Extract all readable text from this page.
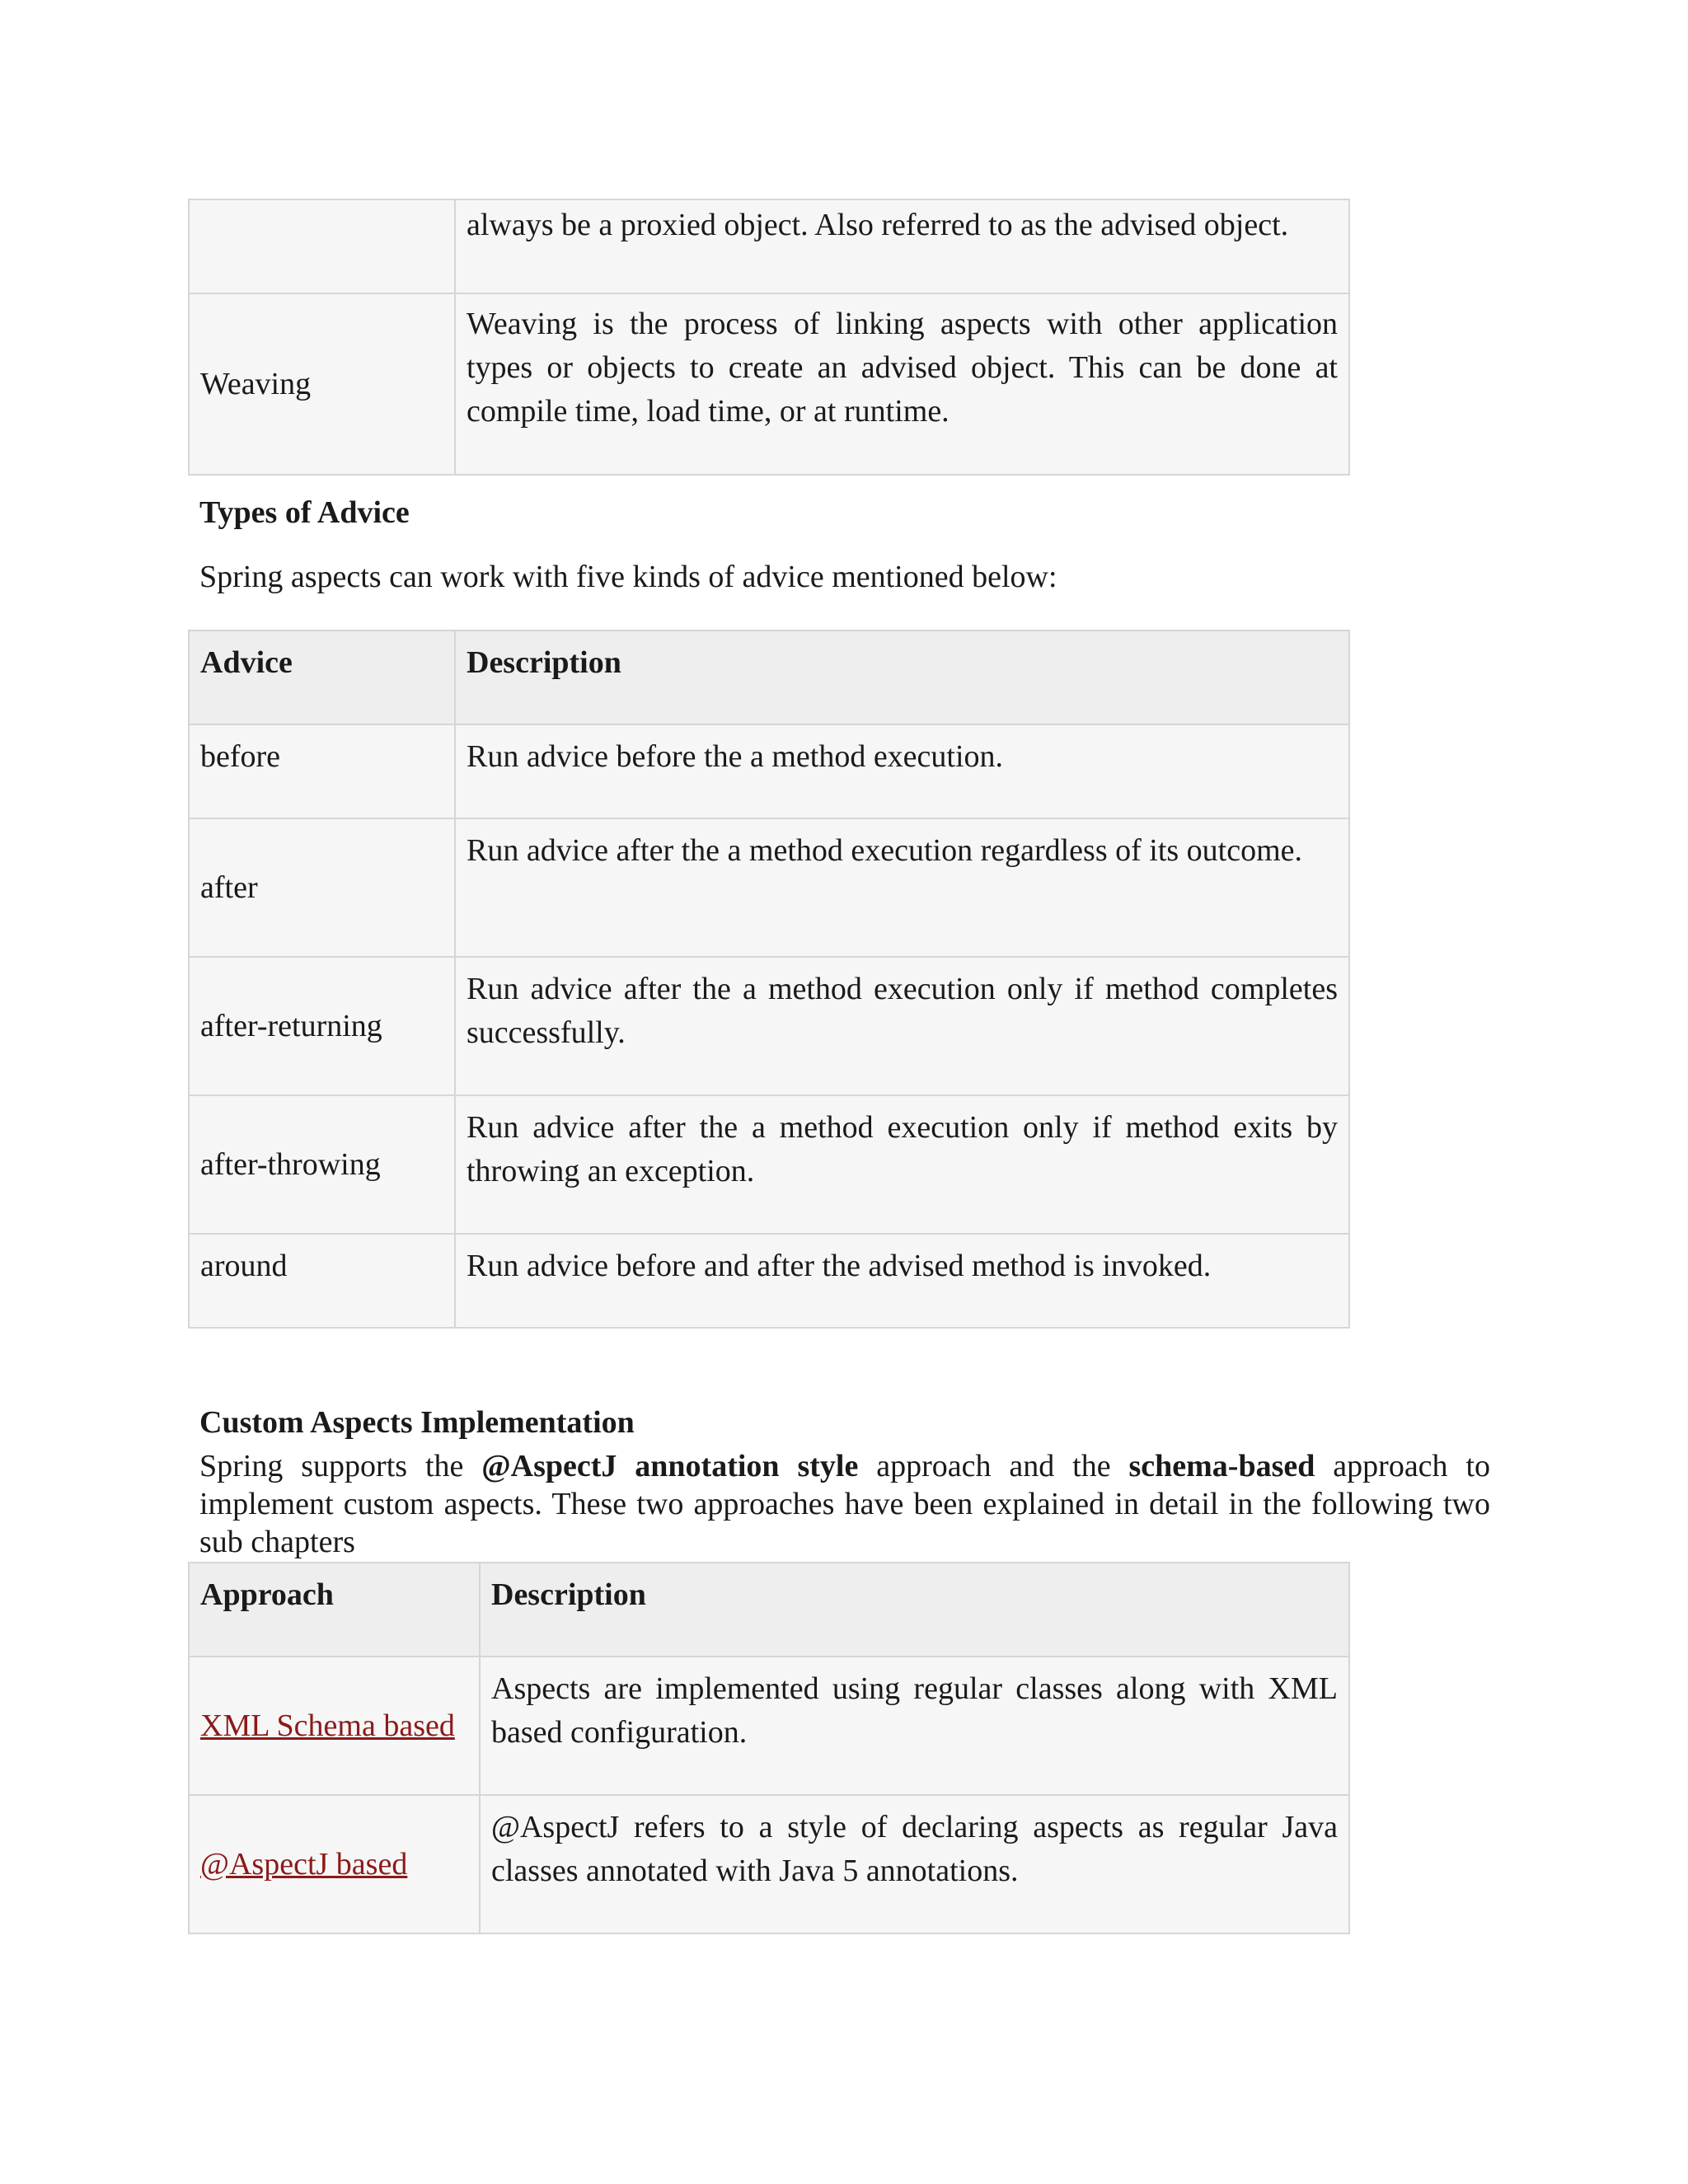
	always be a proxied object. Also referred to as the advised object.
Weaving	Weaving is the process of linking aspects with other application types or objects to create an advised object. This can be done at compile time, load time, or at runtime.
Types of Advice

Spring aspects can work with five kinds of advice mentioned below:

Advice	Description
before	Run advice before the a method execution.
after	Run advice after the a method execution regardless of its outcome.
after-returning	Run advice after the a method execution only if method completes successfully.
after-throwing	Run advice after the a method execution only if method exits by throwing an exception.
around	Run advice before and after the advised method is invoked.
Custom Aspects Implementation

Spring supports the @AspectJ annotation style approach and the schema-based approach to implement custom aspects. These two approaches have been explained in detail in the following two sub chapters

Approach	Description
XML Schema based	Aspects are implemented using regular classes along with XML based configuration.
@AspectJ based	@AspectJ refers to a style of declaring aspects as regular Java classes annotated with Java 5 annotations.
